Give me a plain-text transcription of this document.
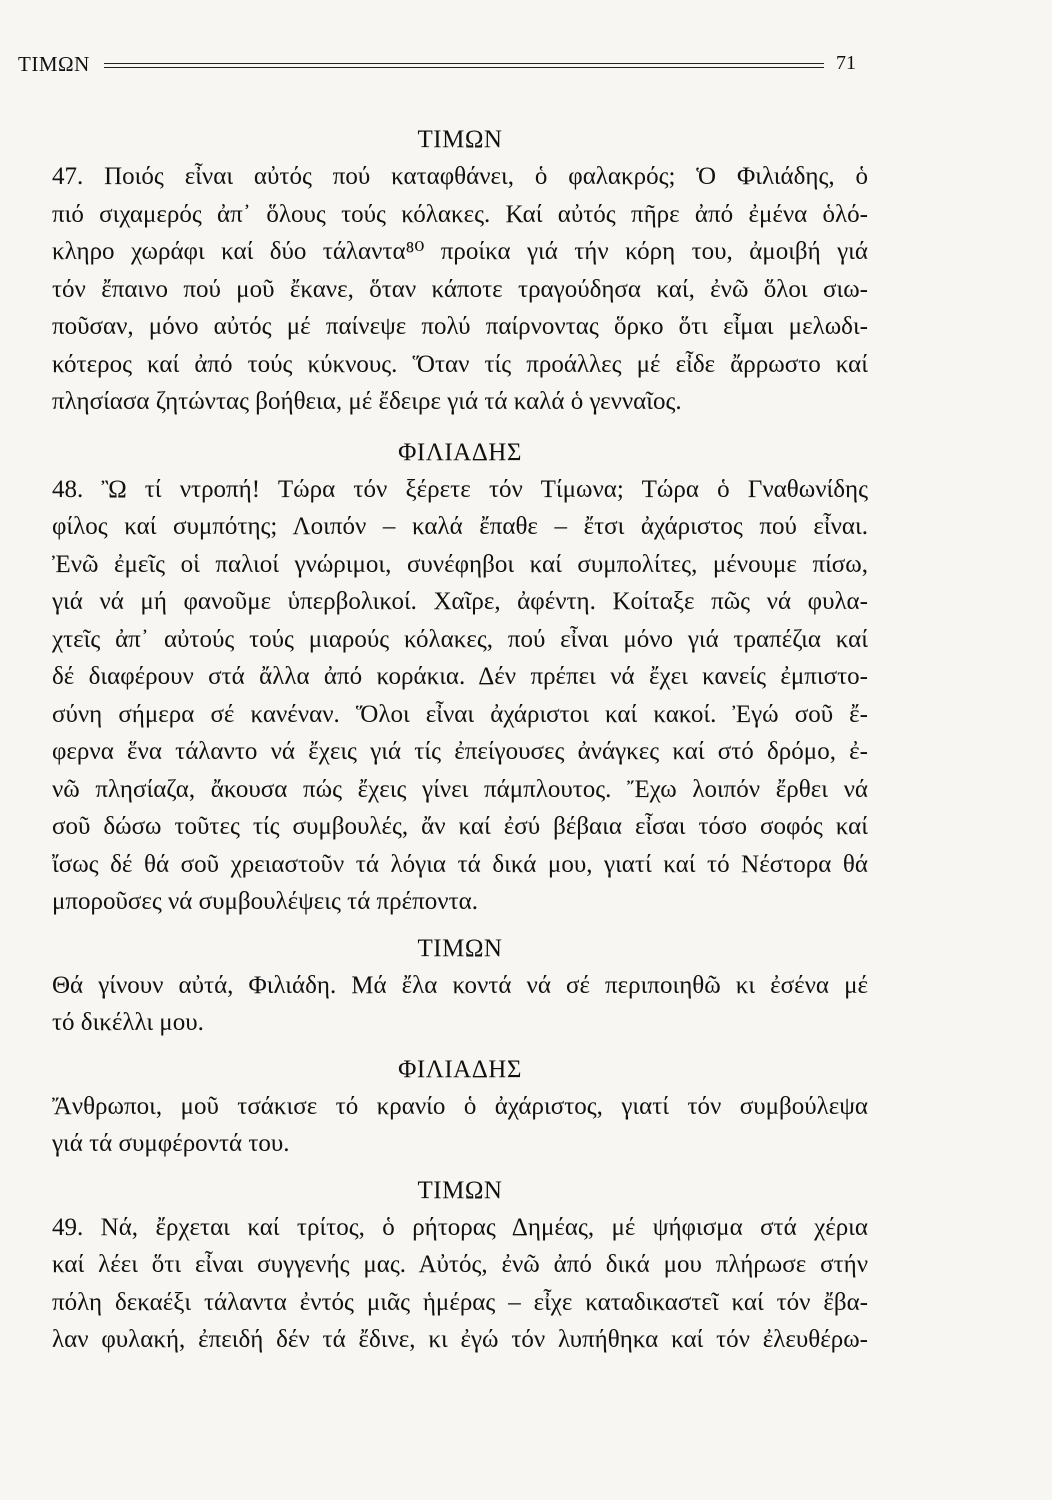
ΤΙΜΩΝ	71

ΤΙΜΩΝ

47. Ποιός εἶναι αὐτός πού καταφθάνει, ὁ φαλακρός; Ὁ Φιλιάδης, ὁ
πιό σιχαμερός ἀπ᾿ ὅλους τούς κόλακες. Καί αὐτός πῆρε ἀπό ἐμένα ὁλό-
κληρο χωράφι καί δύο τάλαντα⁸⁰ προίκα γιά τήν κόρη του, ἀμοιβή γιά
τόν ἔπαινο πού μοῦ ἔκανε, ὅταν κάποτε τραγούδησα καί, ἐνῶ ὅλοι σιω-
ποῦσαν, μόνο αὐτός μέ παίνεψε πολύ παίρνοντας ὅρκο ὅτι εἶμαι μελωδι-
κότερος καί ἀπό τούς κύκνους. Ὅταν τίς προάλλες μέ εἶδε ἄρρωστο καί
πλησίασα ζητώντας βοήθεια, μέ ἔδειρε γιά τά καλά ὁ γενναῖος.

ΦΙΛΙΑΔΗΣ

48. Ὢ τί ντροπή! Τώρα τόν ξέρετε τόν Τίμωνα; Τώρα ὁ Γναθωνίδης
φίλος καί συμπότης; Λοιπόν – καλά ἔπαθε – ἔτσι ἀχάριστος πού εἶναι.
Ἐνῶ ἐμεῖς οἱ παλιοί γνώριμοι, συνέφηβοι καί συμπολίτες, μένουμε πίσω,
γιά νά μή φανοῦμε ὑπερβολικοί. Χαῖρε, ἀφέντη. Κοίταξε πῶς νά φυλα-
χτεῖς ἀπ᾿ αὐτούς τούς μιαρούς κόλακες, πού εἶναι μόνο γιά τραπέζια καί
δέ διαφέρουν στά ἄλλα ἀπό κοράκια. Δέν πρέπει νά ἔχει κανείς ἐμπιστο-
σύνη σήμερα σέ κανέναν. Ὅλοι εἶναι ἀχάριστοι καί κακοί. Ἐγώ σοῦ ἔ-
φερνα ἕνα τάλαντο νά ἔχεις γιά τίς ἐπείγουσες ἀνάγκες καί στό δρόμο, ἐ-
νῶ πλησίαζα, ἄκουσα πώς ἔχεις γίνει πάμπλουτος. Ἔχω λοιπόν ἔρθει νά
σοῦ δώσω τοῦτες τίς συμβουλές, ἄν καί ἐσύ βέβαια εἶσαι τόσο σοφός καί
ἴσως δέ θά σοῦ χρειαστοῦν τά λόγια τά δικά μου, γιατί καί τό Νέστορα θά
μποροῦσες νά συμβουλέψεις τά πρέποντα.

ΤΙΜΩΝ

Θά γίνουν αὐτά, Φιλιάδη. Μά ἔλα κοντά νά σέ περιποιηθῶ κι ἐσένα μέ
τό δικέλλι μου.

ΦΙΛΙΑΔΗΣ

Ἄνθρωποι, μοῦ τσάκισε τό κρανίο ὁ ἀχάριστος, γιατί τόν συμβούλεψα
γιά τά συμφέροντά του.

ΤΙΜΩΝ

49. Νά, ἔρχεται καί τρίτος, ὁ ρήτορας Δημέας, μέ ψήφισμα στά χέρια
καί λέει ὅτι εἶναι συγγενής μας. Αὐτός, ἐνῶ ἀπό δικά μου πλήρωσε στήν
πόλη δεκαέξι τάλαντα ἐντός μιᾶς ἡμέρας – εἶχε καταδικαστεῖ καί τόν ἔβα-
λαν φυλακή, ἐπειδή δέν τά ἔδινε, κι ἐγώ τόν λυπήθηκα καί τόν ἐλευθέρω-
